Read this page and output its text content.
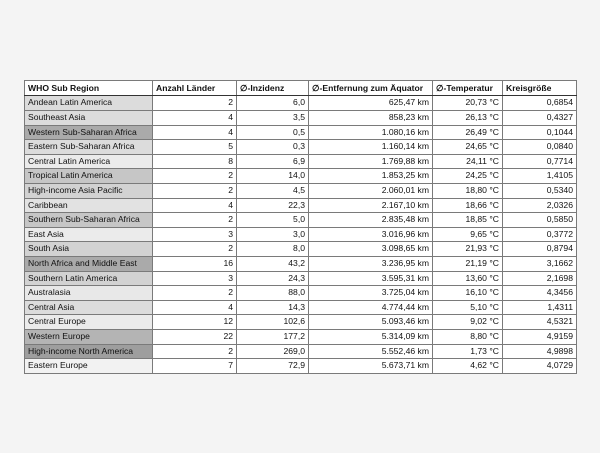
WHO Sub Region	Anzahl Länder	∅-Inzidenz	∅-Entfernung zum Äquator	∅-Temperatur	Kreisgröße
Andean Latin America	2	6,0	625,47 km	20,73 °C	0,6854
Southeast Asia	4	3,5	858,23 km	26,13 °C	0,4327
Western Sub-Saharan Africa	4	0,5	1.080,16 km	26,49 °C	0,1044
Eastern Sub-Saharan Africa	5	0,3	1.160,14 km	24,65 °C	0,0840
Central Latin America	8	6,9	1.769,88 km	24,11 °C	0,7714
Tropical Latin America	2	14,0	1.853,25 km	24,25 °C	1,4105
High-income Asia Pacific	2	4,5	2.060,01 km	18,80 °C	0,5340
Caribbean	4	22,3	2.167,10 km	18,66 °C	2,0326
Southern Sub-Saharan Africa	2	5,0	2.835,48 km	18,85 °C	0,5850
East Asia	3	3,0	3.016,96 km	9,65 °C	0,3772
South Asia	2	8,0	3.098,65 km	21,93 °C	0,8794
North Africa and Middle East	16	43,2	3.236,95 km	21,19 °C	3,1662
Southern Latin America	3	24,3	3.595,31 km	13,60 °C	2,1698
Australasia	2	88,0	3.725,04 km	16,10 °C	4,3456
Central Asia	4	14,3	4.774,44 km	5,10 °C	1,4311
Central Europe	12	102,6	5.093,46 km	9,02 °C	4,5321
Western Europe	22	177,2	5.314,09 km	8,80 °C	4,9159
High-income North America	2	269,0	5.552,46 km	1,73 °C	4,9898
Eastern Europe	7	72,9	5.673,71 km	4,62 °C	4,0729
